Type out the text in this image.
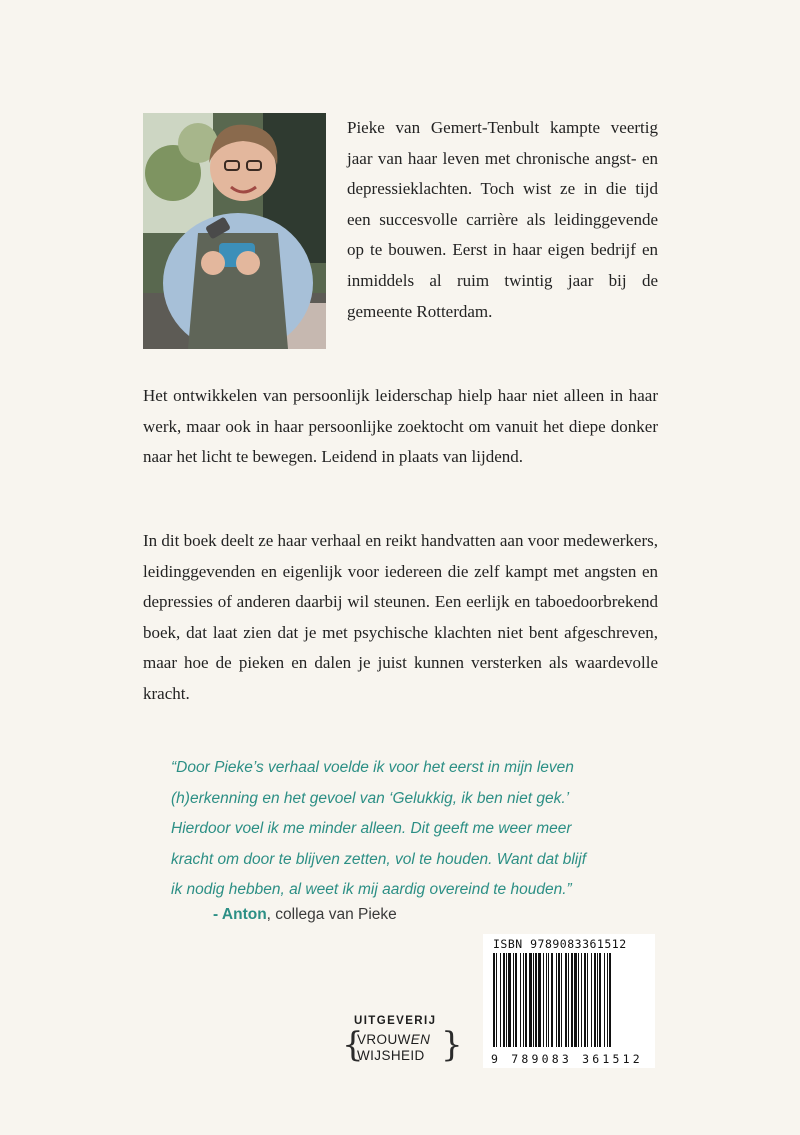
Pieke van Gemert-Tenbult kampte veertig jaar van haar leven met chronische angst- en depressieklachten. Toch wist ze in die tijd een succesvolle carrière als leidinggevende op te bouwen. Eerst in haar eigen bedrijf en inmiddels al ruim twintig jaar bij de gemeente Rotterdam.

Het ontwikkelen van persoonlijk leiderschap hielp haar niet alleen in haar werk, maar ook in haar persoonlijke zoektocht om vanuit het diepe donker naar het licht te bewegen. Leidend in plaats van lijdend.

In dit boek deelt ze haar verhaal en reikt handvatten aan voor medewerkers, leidinggevenden en eigenlijk voor iedereen die zelf kampt met angsten en depressies of anderen daarbij wil steunen. Een eerlijk en taboedoorbrekend boek, dat laat zien dat je met psychische klachten niet bent afgeschreven, maar hoe de pieken en dalen je juist kunnen versterken als waardevolle kracht.

“Door Pieke’s verhaal voelde ik voor het eerst in mijn leven
(h)erkenning en het gevoel van ‘Gelukkig, ik ben niet gek.’
Hierdoor voel ik me minder alleen. Dit geeft me weer meer
kracht om door te blijven zetten, vol te houden. Want dat blijf
ik nodig hebben, al weet ik mij aardig overeind te houden.”
- Anton, collega van Pieke
UITGEVERIJ
{
VROUWEN
WIJSHEID }
ISBN 9789083361512
9 789083 361512
